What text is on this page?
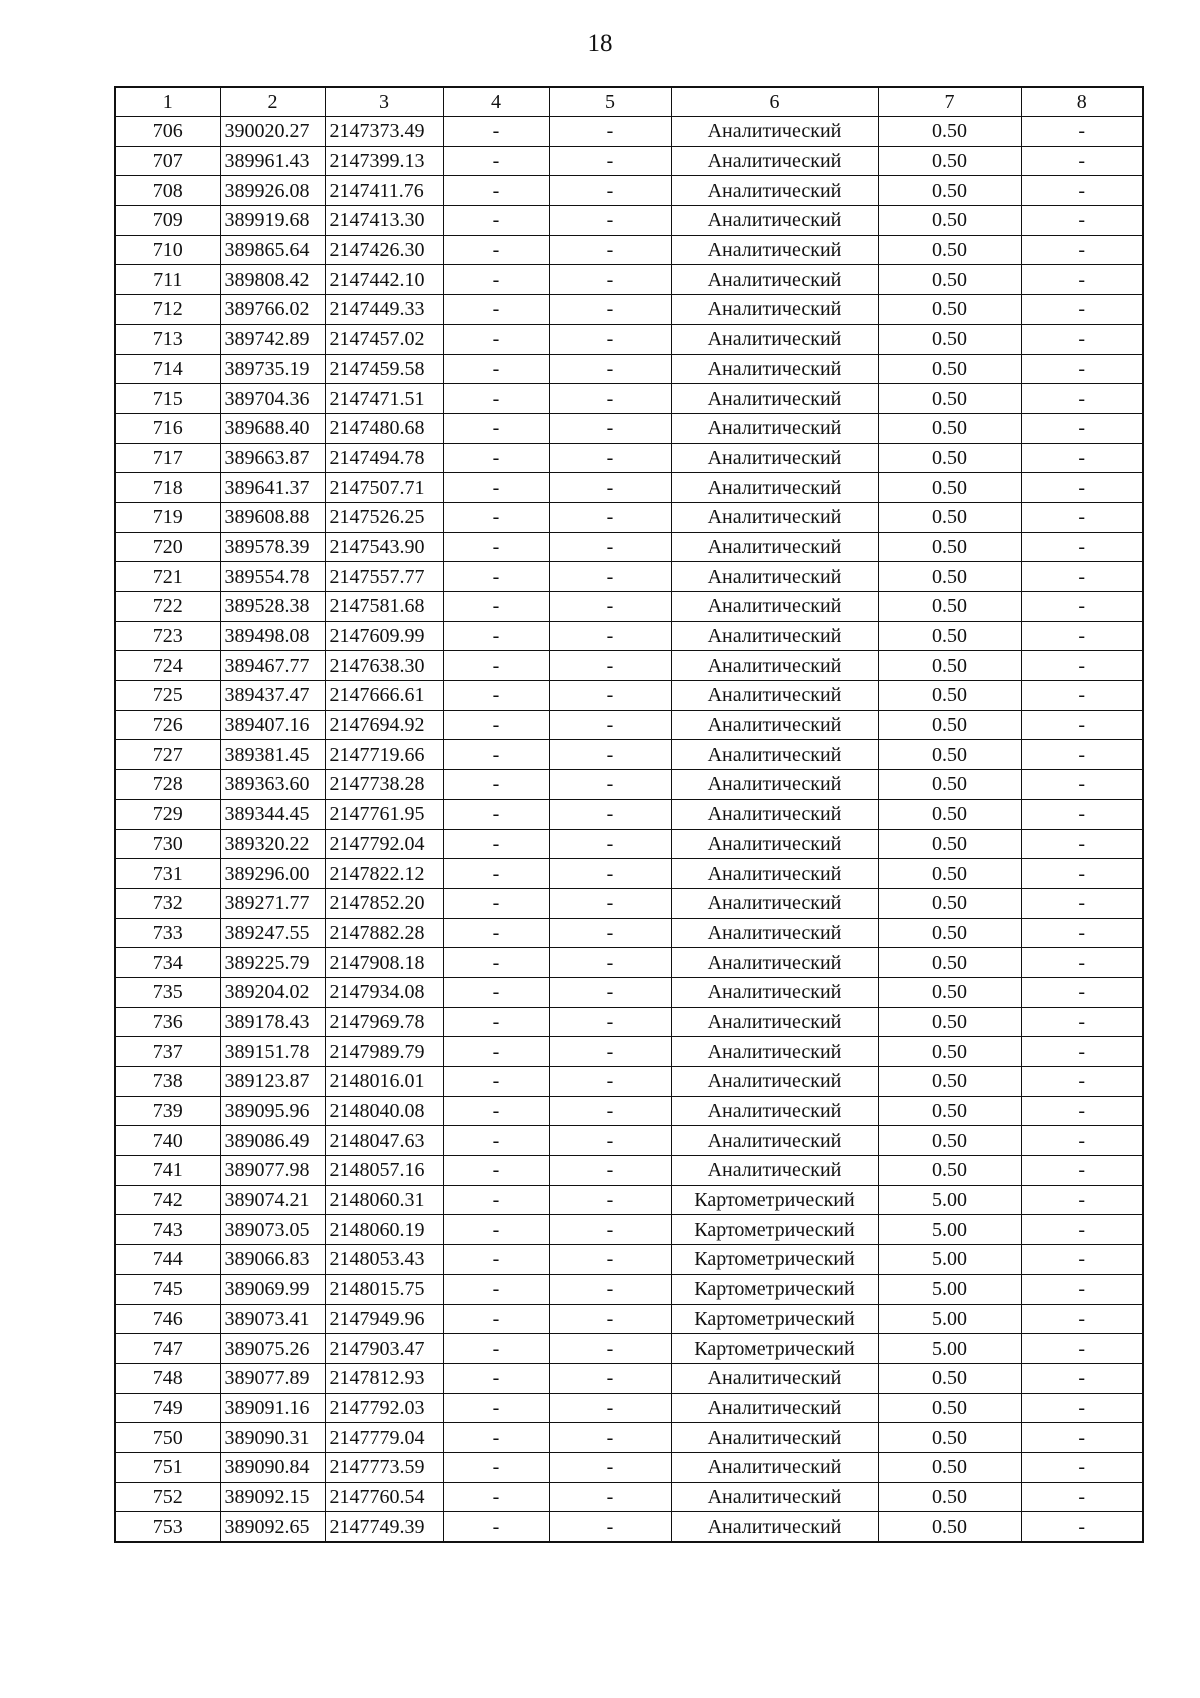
18
1	2	3	4	5	6	7	8
706	390020.27	2147373.49	-	-	Аналитический	0.50	-
707	389961.43	2147399.13	-	-	Аналитический	0.50	-
708	389926.08	2147411.76	-	-	Аналитический	0.50	-
709	389919.68	2147413.30	-	-	Аналитический	0.50	-
710	389865.64	2147426.30	-	-	Аналитический	0.50	-
711	389808.42	2147442.10	-	-	Аналитический	0.50	-
712	389766.02	2147449.33	-	-	Аналитический	0.50	-
713	389742.89	2147457.02	-	-	Аналитический	0.50	-
714	389735.19	2147459.58	-	-	Аналитический	0.50	-
715	389704.36	2147471.51	-	-	Аналитический	0.50	-
716	389688.40	2147480.68	-	-	Аналитический	0.50	-
717	389663.87	2147494.78	-	-	Аналитический	0.50	-
718	389641.37	2147507.71	-	-	Аналитический	0.50	-
719	389608.88	2147526.25	-	-	Аналитический	0.50	-
720	389578.39	2147543.90	-	-	Аналитический	0.50	-
721	389554.78	2147557.77	-	-	Аналитический	0.50	-
722	389528.38	2147581.68	-	-	Аналитический	0.50	-
723	389498.08	2147609.99	-	-	Аналитический	0.50	-
724	389467.77	2147638.30	-	-	Аналитический	0.50	-
725	389437.47	2147666.61	-	-	Аналитический	0.50	-
726	389407.16	2147694.92	-	-	Аналитический	0.50	-
727	389381.45	2147719.66	-	-	Аналитический	0.50	-
728	389363.60	2147738.28	-	-	Аналитический	0.50	-
729	389344.45	2147761.95	-	-	Аналитический	0.50	-
730	389320.22	2147792.04	-	-	Аналитический	0.50	-
731	389296.00	2147822.12	-	-	Аналитический	0.50	-
732	389271.77	2147852.20	-	-	Аналитический	0.50	-
733	389247.55	2147882.28	-	-	Аналитический	0.50	-
734	389225.79	2147908.18	-	-	Аналитический	0.50	-
735	389204.02	2147934.08	-	-	Аналитический	0.50	-
736	389178.43	2147969.78	-	-	Аналитический	0.50	-
737	389151.78	2147989.79	-	-	Аналитический	0.50	-
738	389123.87	2148016.01	-	-	Аналитический	0.50	-
739	389095.96	2148040.08	-	-	Аналитический	0.50	-
740	389086.49	2148047.63	-	-	Аналитический	0.50	-
741	389077.98	2148057.16	-	-	Аналитический	0.50	-
742	389074.21	2148060.31	-	-	Картометрический	5.00	-
743	389073.05	2148060.19	-	-	Картометрический	5.00	-
744	389066.83	2148053.43	-	-	Картометрический	5.00	-
745	389069.99	2148015.75	-	-	Картометрический	5.00	-
746	389073.41	2147949.96	-	-	Картометрический	5.00	-
747	389075.26	2147903.47	-	-	Картометрический	5.00	-
748	389077.89	2147812.93	-	-	Аналитический	0.50	-
749	389091.16	2147792.03	-	-	Аналитический	0.50	-
750	389090.31	2147779.04	-	-	Аналитический	0.50	-
751	389090.84	2147773.59	-	-	Аналитический	0.50	-
752	389092.15	2147760.54	-	-	Аналитический	0.50	-
753	389092.65	2147749.39	-	-	Аналитический	0.50	-
